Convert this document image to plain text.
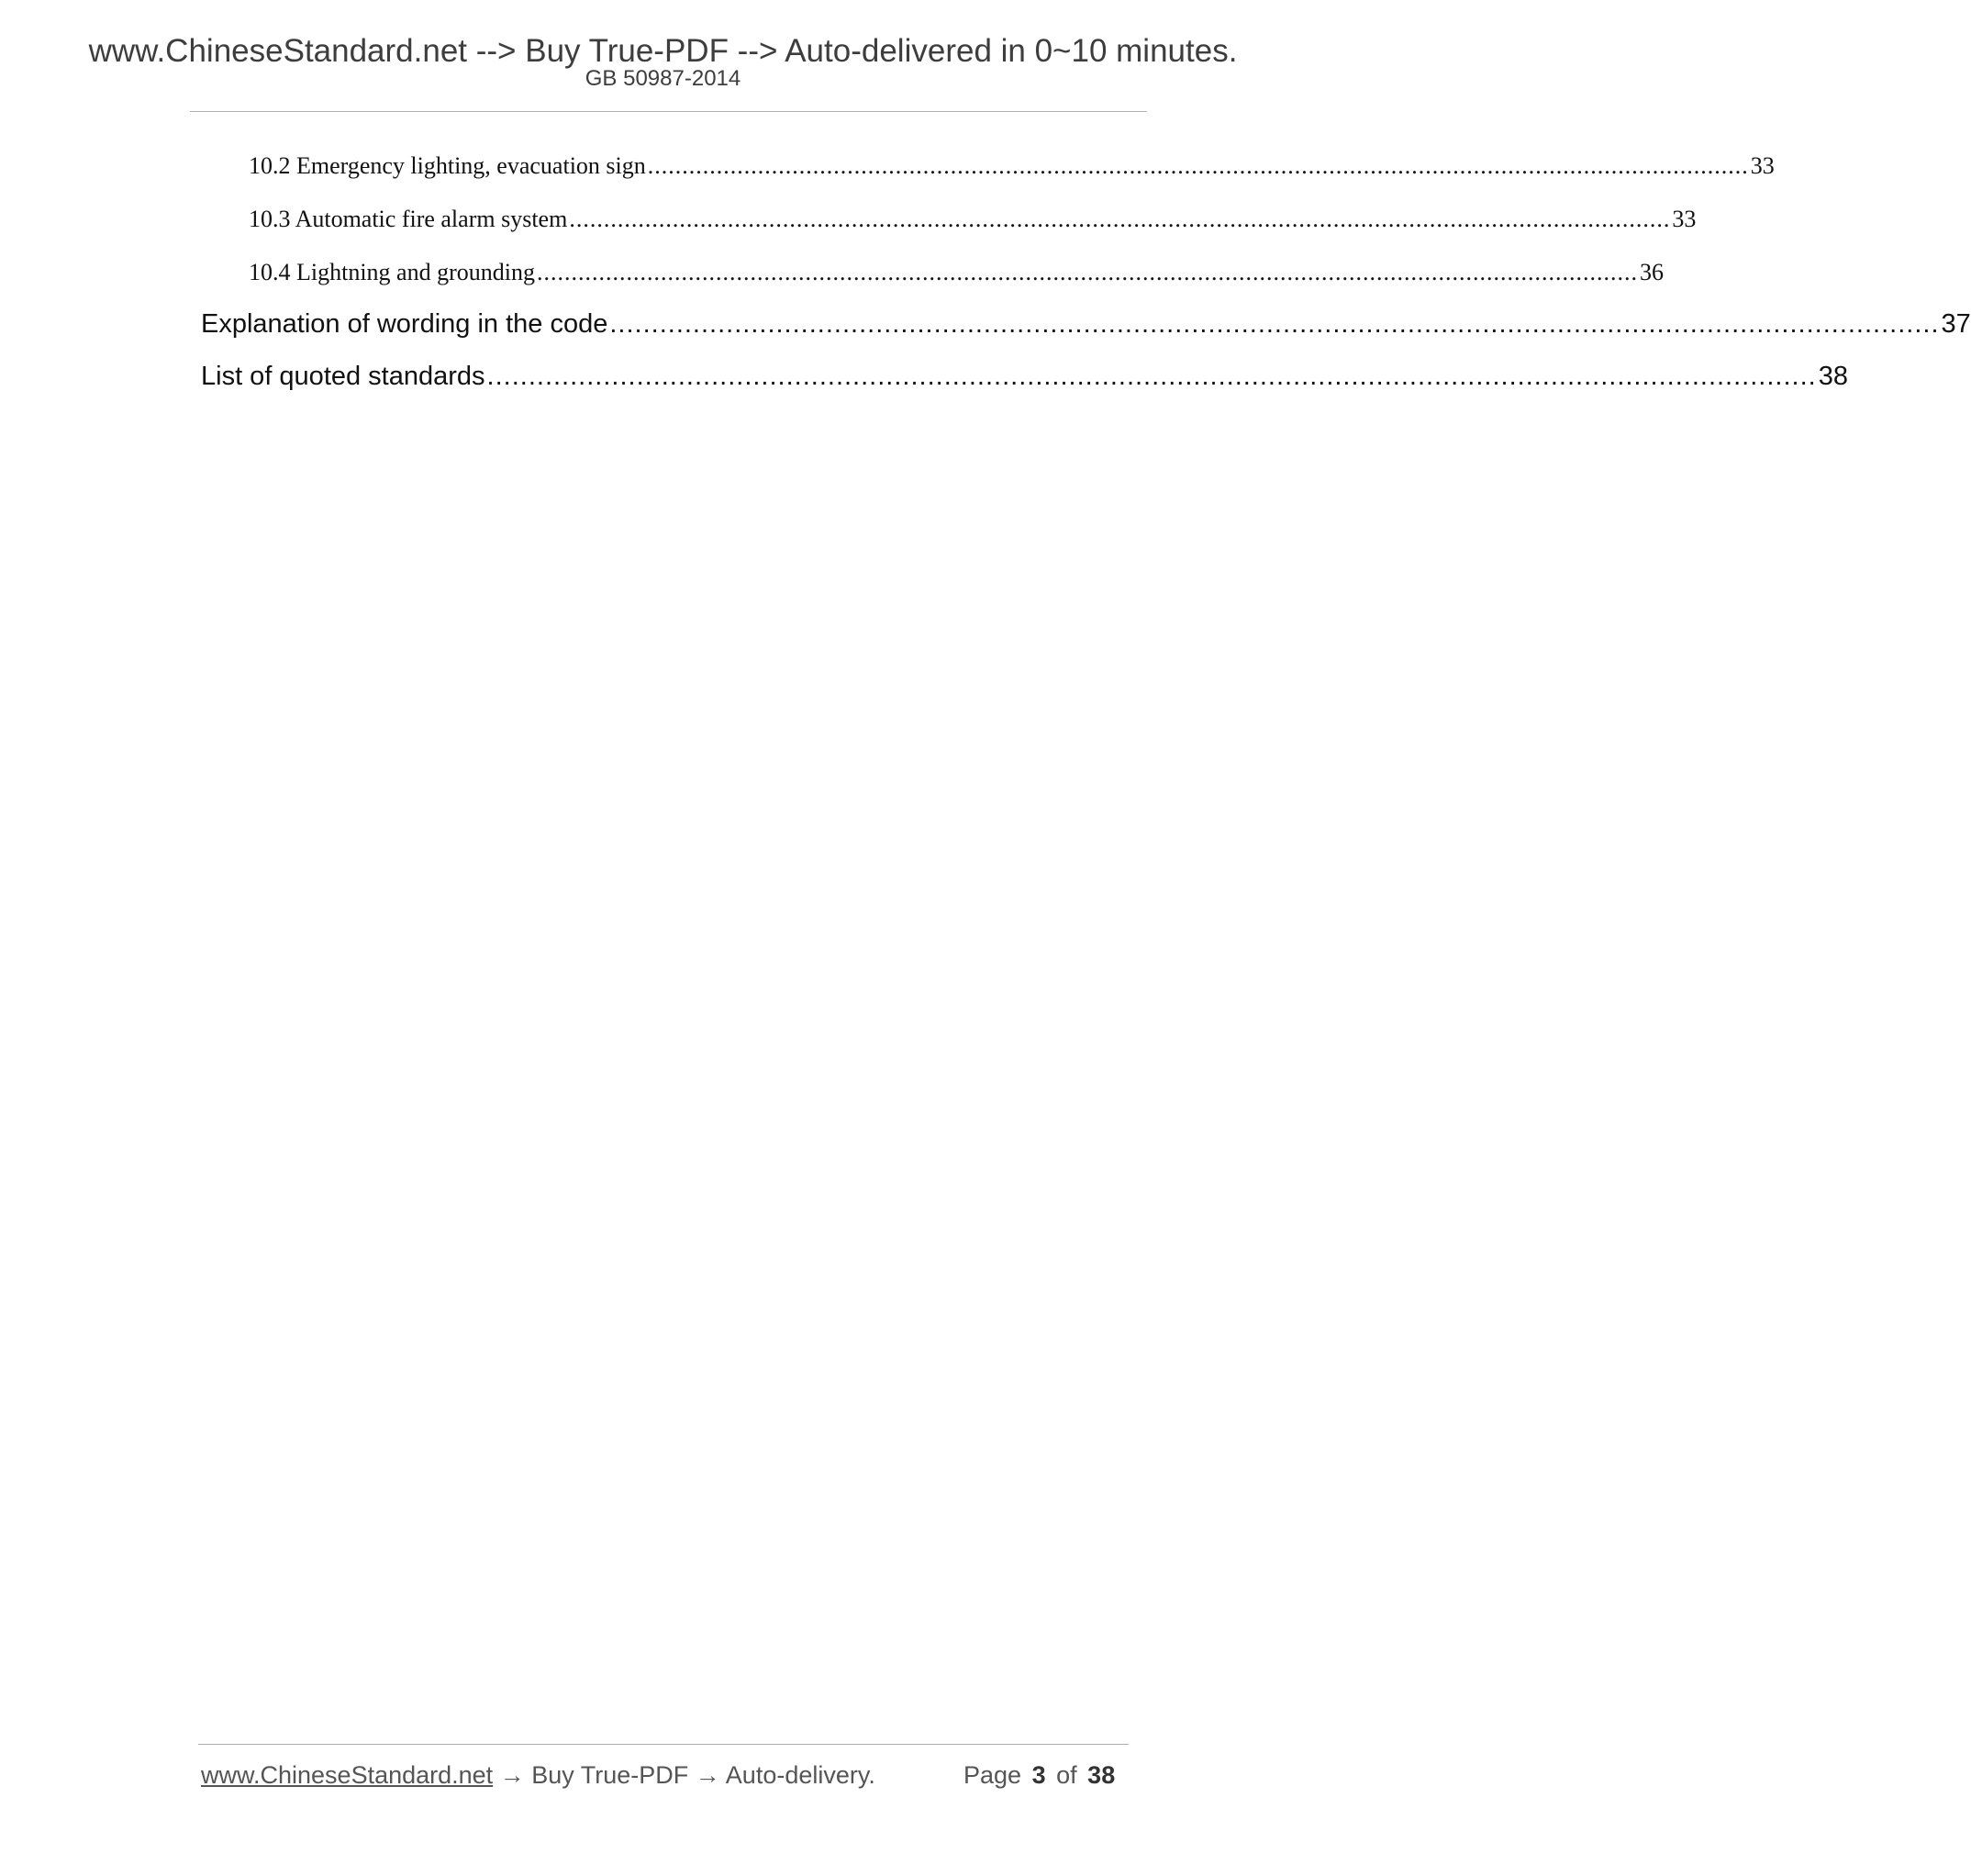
www.ChineseStandard.net --> Buy True-PDF --> Auto-delivered in 0~10 minutes.
GB 50987-2014
10.2 Emergency lighting, evacuation sign ................................................................................................................................................................ 33
10.3 Automatic fire alarm system ................................................................................................................................................................ 33
10.4 Lightning and grounding ................................................................................................................................................................ 36
Explanation of wording in the code ................................................................................................................................................................ 37
List of quoted standards ................................................................................................................................................................ 38
www.ChineseStandard.net → Buy True-PDF → Auto-delivery.	Page 3 of 38
